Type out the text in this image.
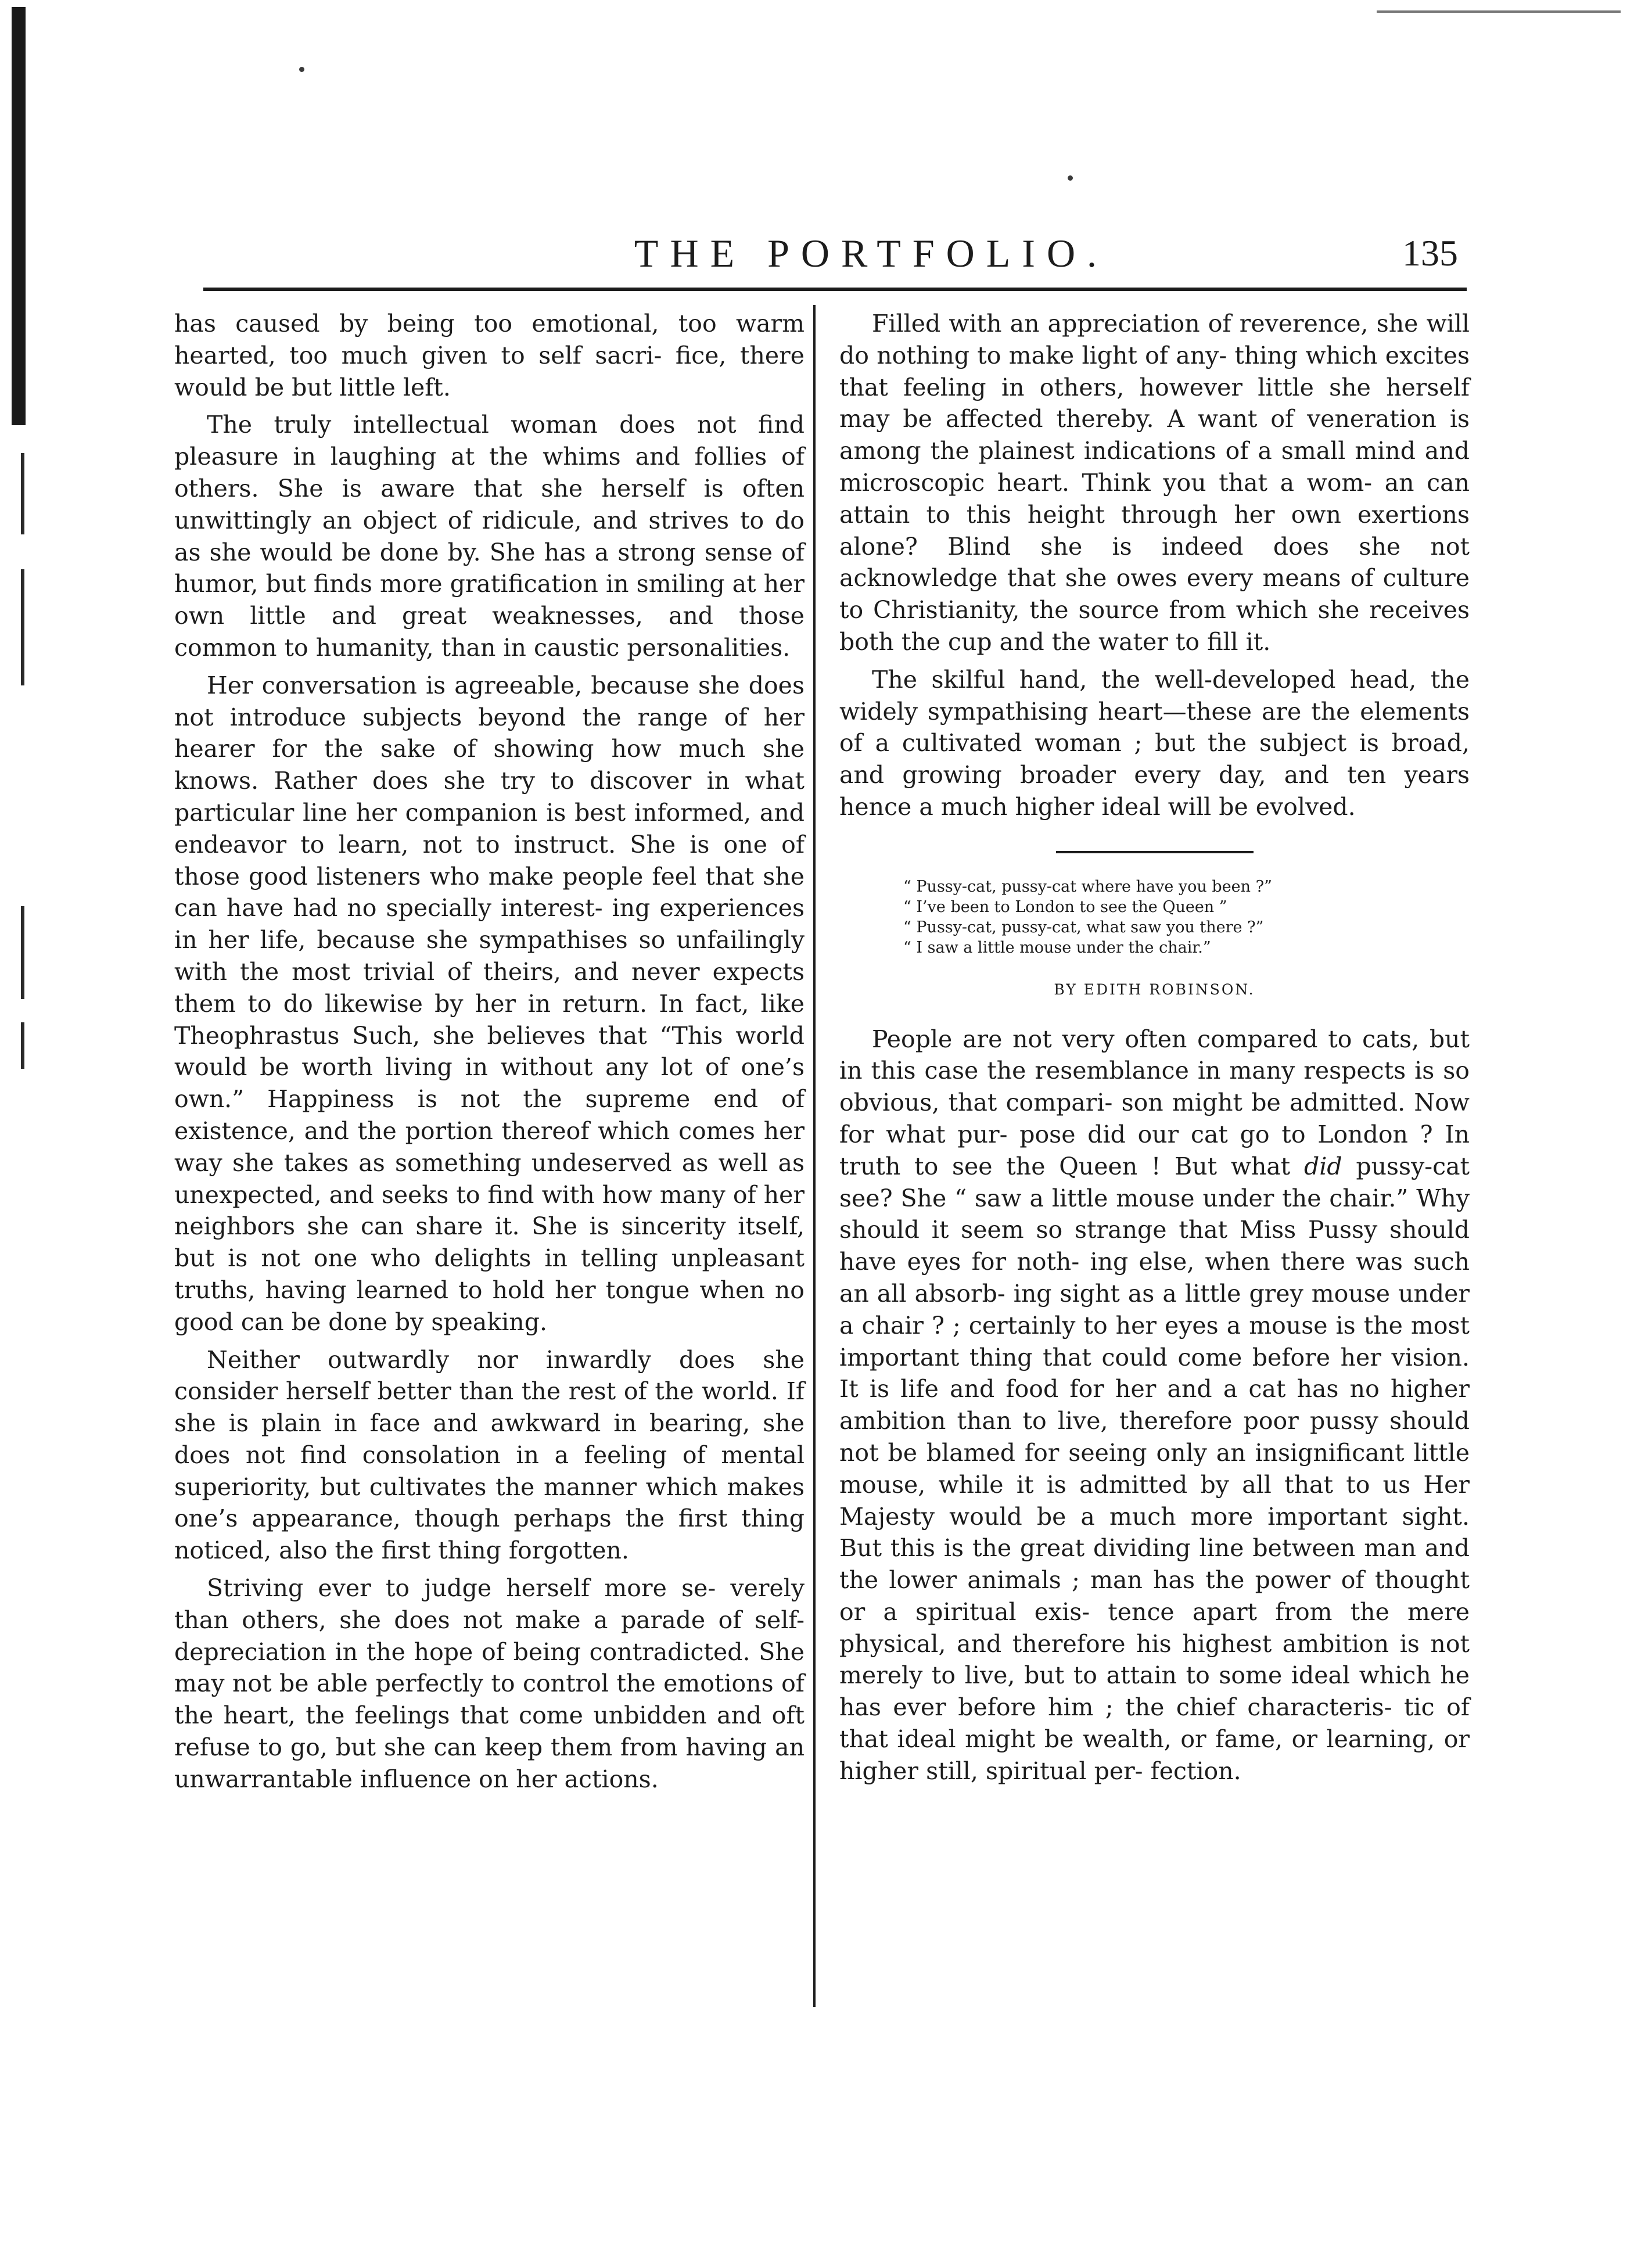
THE PORTFOLIO.	135

has caused by being too emotional, too warm hearted, too much given to self sacri- fice, there would be but little left.

The truly intellectual woman does not find pleasure in laughing at the whims and follies of others. She is aware that she herself is often unwittingly an object of ridicule, and strives to do as she would be done by. She has a strong sense of humor, but finds more gratification in smiling at her own little and great weaknesses, and those common to humanity, than in caustic personalities.

Her conversation is agreeable, because she does not introduce subjects beyond the range of her hearer for the sake of showing how much she knows. Rather does she try to discover in what particular line her companion is best informed, and endeavor to learn, not to instruct. She is one of those good listeners who make people feel that she can have had no specially interest- ing experiences in her life, because she sympathises so unfailingly with the most trivial of theirs, and never expects them to do likewise by her in return. In fact, like Theophrastus Such, she believes that “This world would be worth living in without any lot of one’s own.” Happiness is not the supreme end of existence, and the portion thereof which comes her way she takes as something undeserved as well as unexpected, and seeks to find with how many of her neighbors she can share it. She is sincerity itself, but is not one who delights in telling unpleasant truths, having learned to hold her tongue when no good can be done by speaking.

Neither outwardly nor inwardly does she consider herself better than the rest of the world. If she is plain in face and awkward in bearing, she does not find consolation in a feeling of mental superiority, but cultivates the manner which makes one’s appearance, though perhaps the first thing noticed, also the first thing forgotten.

Striving ever to judge herself more se- verely than others, she does not make a parade of self-depreciation in the hope of being contradicted. She may not be able perfectly to control the emotions of the heart, the feelings that come unbidden and oft refuse to go, but she can keep them from having an unwarrantable influence on her actions.

Filled with an appreciation of reverence, she will do nothing to make light of any- thing which excites that feeling in others, however little she herself may be affected thereby. A want of veneration is among the plainest indications of a small mind and microscopic heart. Think you that a wom- an can attain to this height through her own exertions alone? Blind she is indeed does she not acknowledge that she owes every means of culture to Christianity, the source from which she receives both the cup and the water to fill it.

The skilful hand, the well-developed head, the widely sympathising heart—these are the elements of a cultivated woman ; but the subject is broad, and growing broader every day, and ten years hence a much higher ideal will be evolved.

“ Pussy-cat, pussy-cat where have you been ?”
“ I’ve been to London to see the Queen ”
“ Pussy-cat, pussy-cat, what saw you there ?”
“ I saw a little mouse under the chair.”
BY EDITH ROBINSON.

People are not very often compared to cats, but in this case the resemblance in many respects is so obvious, that compari- son might be admitted. Now for what pur- pose did our cat go to London ? In truth to see the Queen ! But what did pussy-cat see? She “ saw a little mouse under the chair.” Why should it seem so strange that Miss Pussy should have eyes for noth- ing else, when there was such an all absorb- ing sight as a little grey mouse under a chair ? ; certainly to her eyes a mouse is the most important thing that could come before her vision. It is life and food for her and a cat has no higher ambition than to live, therefore poor pussy should not be blamed for seeing only an insignificant little mouse, while it is admitted by all that to us Her Majesty would be a much more important sight. But this is the great dividing line between man and the lower animals ; man has the power of thought or a spiritual exis- tence apart from the mere physical, and therefore his highest ambition is not merely to live, but to attain to some ideal which he has ever before him ; the chief characteris- tic of that ideal might be wealth, or fame, or learning, or higher still, spiritual per- fection.
